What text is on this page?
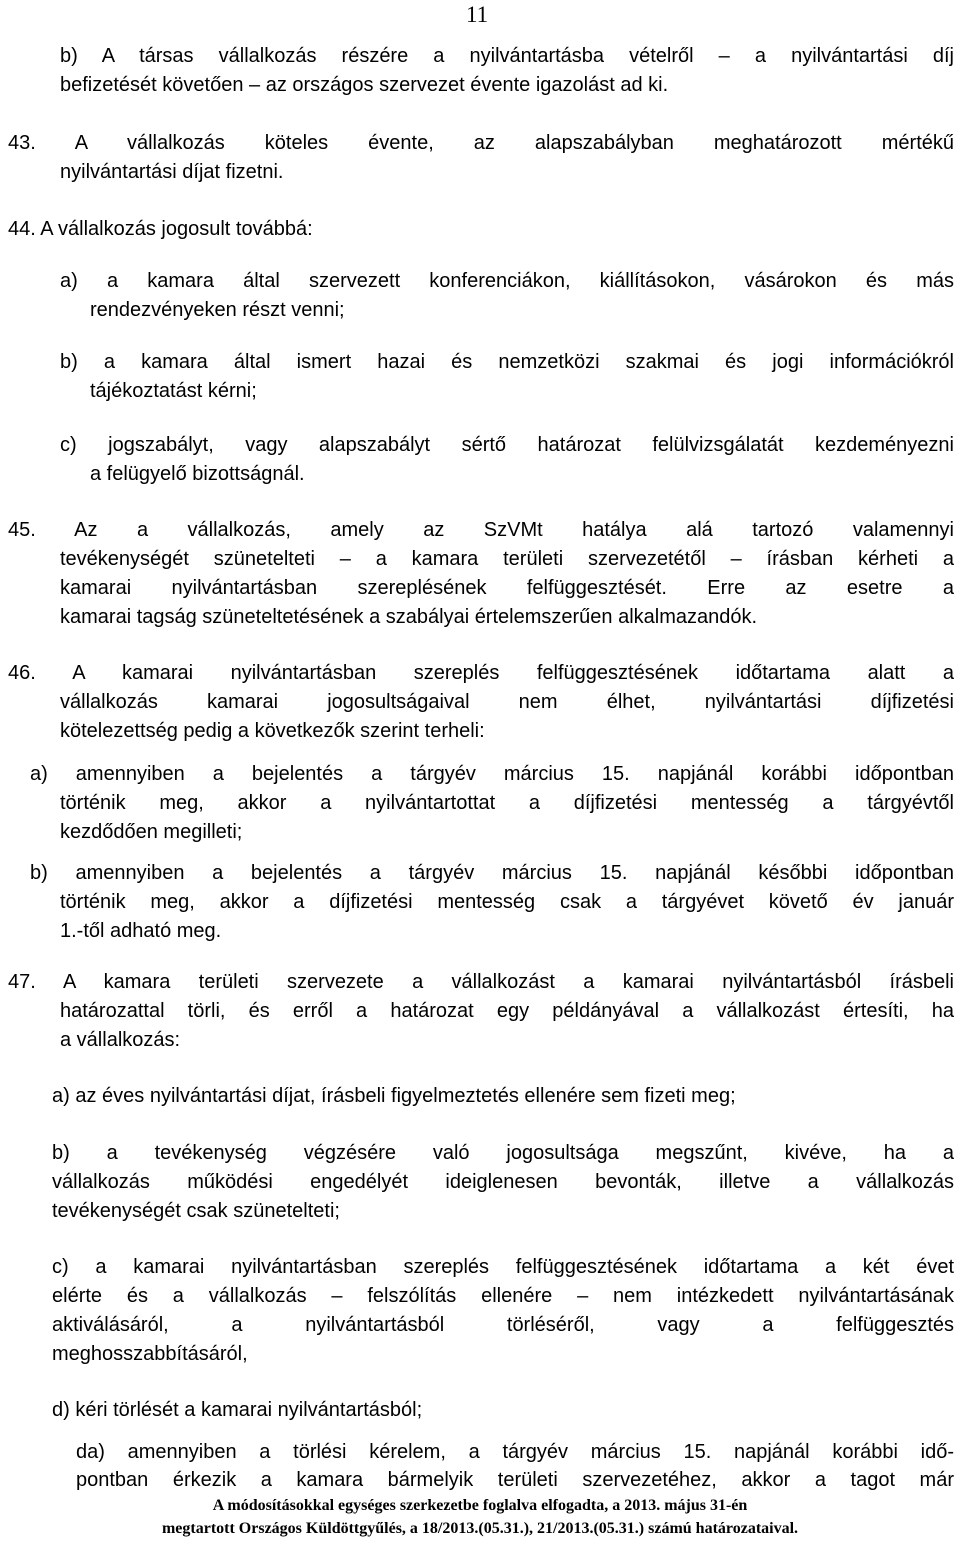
11
b) A társas vállalkozás részére a nyilvántartásba vételről – a nyilvántartási díj
befizetését követően – az országos szervezet évente igazolást ad ki.
43. A vállalkozás köteles évente, az alapszabályban meghatározott mértékű
nyilvántartási díjat fizetni.
44. A vállalkozás jogosult továbbá:
a) a kamara által szervezett konferenciákon, kiállításokon, vásárokon és más
rendezvényeken részt venni;
b) a kamara által ismert hazai és nemzetközi szakmai és jogi információkról
tájékoztatást kérni;
c) jogszabályt, vagy alapszabályt sértő határozat felülvizsgálatát kezdeményezni
a felügyelő bizottságnál.
45. Az a vállalkozás, amely az SzVMt hatálya alá tartozó valamennyi
tevékenységét szünetelteti – a kamara területi szervezetétől – írásban kérheti a
kamarai nyilvántartásban szereplésének felfüggesztését. Erre az esetre a
kamarai tagság szüneteltetésének a szabályai értelemszerűen alkalmazandók.
46. A kamarai nyilvántartásban szereplés felfüggesztésének időtartama alatt a
vállalkozás kamarai jogosultságaival nem élhet, nyilvántartási díjfizetési
kötelezettség pedig a következők szerint terheli:
a) amennyiben a bejelentés a tárgyév március 15. napjánál korábbi időpontban
történik meg, akkor a nyilvántartottat a díjfizetési mentesség a tárgyévtől
kezdődően megilleti;
b) amennyiben a bejelentés a tárgyév március 15. napjánál későbbi időpontban
történik meg, akkor a díjfizetési mentesség csak a tárgyévet követő év január
1.-től adható meg.
47. A kamara területi szervezete a vállalkozást a kamarai nyilvántartásból írásbeli
határozattal törli, és erről a határozat egy példányával a vállalkozást értesíti, ha
a vállalkozás:
a) az éves nyilvántartási díjat, írásbeli figyelmeztetés ellenére sem fizeti meg;
b) a tevékenység végzésére való jogosultsága megszűnt, kivéve, ha a
vállalkozás működési engedélyét ideiglenesen bevonták, illetve a vállalkozás
tevékenységét csak szünetelteti;
c) a kamarai nyilvántartásban szereplés felfüggesztésének időtartama a két évet
elérte és a vállalkozás – felszólítás ellenére – nem intézkedett nyilvántartásának
aktiválásáról, a nyilvántartásból törléséről, vagy a felfüggesztés
meghosszabbításáról,
d) kéri törlését a kamarai nyilvántartásból;
da) amennyiben a törlési kérelem, a tárgyév március 15. napjánál korábbi idő-
pontban érkezik a kamara bármelyik területi szervezetéhez, akkor a tagot már
A módosításokkal egységes szerkezetbe foglalva elfogadta, a 2013. május 31-én
megtartott Országos Küldöttgyűlés, a 18/2013.(05.31.), 21/2013.(05.31.) számú határozataival.
